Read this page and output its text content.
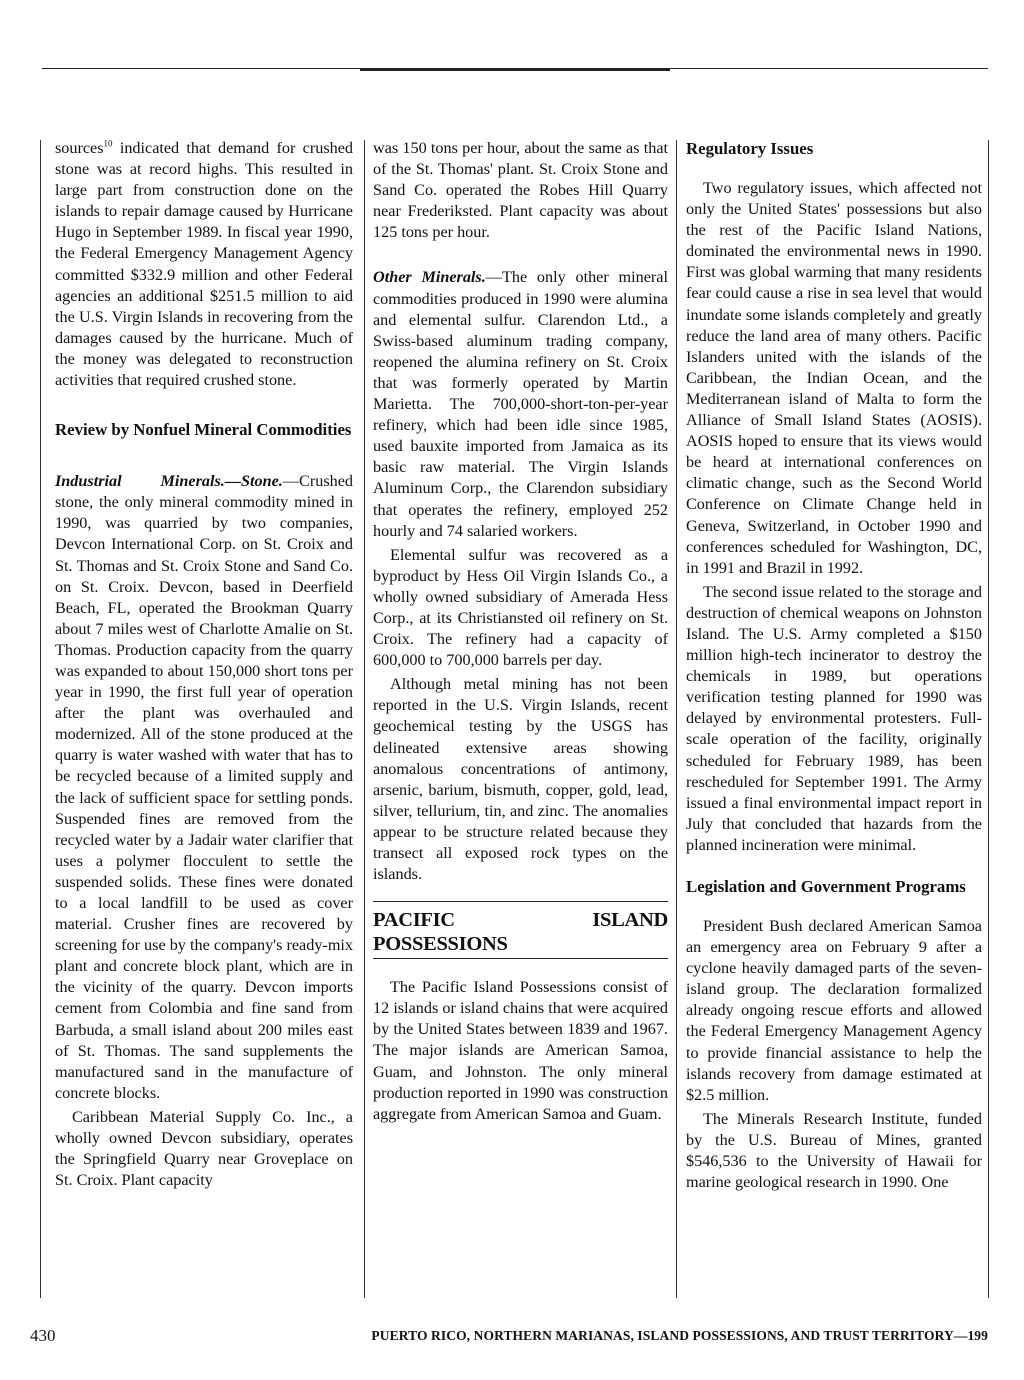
sources$^{10}$ indicated that demand for crushed stone was at record highs. This resulted in large part from construction done on the islands to repair damage caused by Hurricane Hugo in September 1989. In fiscal year 1990, the Federal Emergency Management Agency committed $332.9 million and other Federal agencies an additional $251.5 million to aid the U.S. Virgin Islands in recovering from the damages caused by the hurricane. Much of the money was delegated to reconstruction activities that required crushed stone.

Review by Nonfuel Mineral Commodities

Industrial Minerals.—Stone.—Crushed stone, the only mineral commodity mined in 1990, was quarried by two companies, Devcon International Corp. on St. Croix and St. Thomas and St. Croix Stone and Sand Co. on St. Croix. Devcon, based in Deerfield Beach, FL, operated the Brookman Quarry about 7 miles west of Charlotte Amalie on St. Thomas. Production capacity from the quarry was expanded to about 150,000 short tons per year in 1990, the first full year of operation after the plant was overhauled and modernized. All of the stone produced at the quarry is water washed with water that has to be recycled because of a limited supply and the lack of sufficient space for settling ponds. Suspended fines are removed from the recycled water by a Jadair water clarifier that uses a polymer flocculent to settle the suspended solids. These fines were donated to a local landfill to be used as cover material. Crusher fines are recovered by screening for use by the company's ready-mix plant and concrete block plant, which are in the vicinity of the quarry. Devcon imports cement from Colombia and fine sand from Barbuda, a small island about 200 miles east of St. Thomas. The sand supplements the manufactured sand in the manufacture of concrete blocks.

Caribbean Material Supply Co. Inc., a wholly owned Devcon subsidiary, operates the Springfield Quarry near Groveplace on St. Croix. Plant capacity

was 150 tons per hour, about the same as that of the St. Thomas' plant. St. Croix Stone and Sand Co. operated the Robes Hill Quarry near Frederiksted. Plant capacity was about 125 tons per hour.

Other Minerals.—The only other mineral commodities produced in 1990 were alumina and elemental sulfur. Clarendon Ltd., a Swiss-based aluminum trading company, reopened the alumina refinery on St. Croix that was formerly operated by Martin Marietta. The 700,000-short-ton-per-year refinery, which had been idle since 1985, used bauxite imported from Jamaica as its basic raw material. The Virgin Islands Aluminum Corp., the Clarendon subsidiary that operates the refinery, employed 252 hourly and 74 salaried workers.

Elemental sulfur was recovered as a byproduct by Hess Oil Virgin Islands Co., a wholly owned subsidiary of Amerada Hess Corp., at its Christiansted oil refinery on St. Croix. The refinery had a capacity of 600,000 to 700,000 barrels per day.

Although metal mining has not been reported in the U.S. Virgin Islands, recent geochemical testing by the USGS has delineated extensive areas showing anomalous concentrations of antimony, arsenic, barium, bismuth, copper, gold, lead, silver, tellurium, tin, and zinc. The anomalies appear to be structure related because they transect all exposed rock types on the islands.

PACIFIC ISLAND POSSESSIONS

The Pacific Island Possessions consist of 12 islands or island chains that were acquired by the United States between 1839 and 1967. The major islands are American Samoa, Guam, and Johnston. The only mineral production reported in 1990 was construction aggregate from American Samoa and Guam.

Regulatory Issues

Two regulatory issues, which affected not only the United States' possessions but also the rest of the Pacific Island Nations, dominated the environmental news in 1990. First was global warming that many residents fear could cause a rise in sea level that would inundate some islands completely and greatly reduce the land area of many others. Pacific Islanders united with the islands of the Caribbean, the Indian Ocean, and the Mediterranean island of Malta to form the Alliance of Small Island States (AOSIS). AOSIS hoped to ensure that its views would be heard at international conferences on climatic change, such as the Second World Conference on Climate Change held in Geneva, Switzerland, in October 1990 and conferences scheduled for Washington, DC, in 1991 and Brazil in 1992.

The second issue related to the storage and destruction of chemical weapons on Johnston Island. The U.S. Army completed a $150 million high-tech incinerator to destroy the chemicals in 1989, but operations verification testing planned for 1990 was delayed by environmental protesters. Full-scale operation of the facility, originally scheduled for February 1989, has been rescheduled for September 1991. The Army issued a final environmental impact report in July that concluded that hazards from the planned incineration were minimal.

Legislation and Government Programs

President Bush declared American Samoa an emergency area on February 9 after a cyclone heavily damaged parts of the seven-island group. The declaration formalized already ongoing rescue efforts and allowed the Federal Emergency Management Agency to provide financial assistance to help the islands recovery from damage estimated at $2.5 million.

The Minerals Research Institute, funded by the U.S. Bureau of Mines, granted $546,536 to the University of Hawaii for marine geological research in 1990. One

430	PUERTO RICO, NORTHERN MARIANAS, ISLAND POSSESSIONS, AND TRUST TERRITORY—199
